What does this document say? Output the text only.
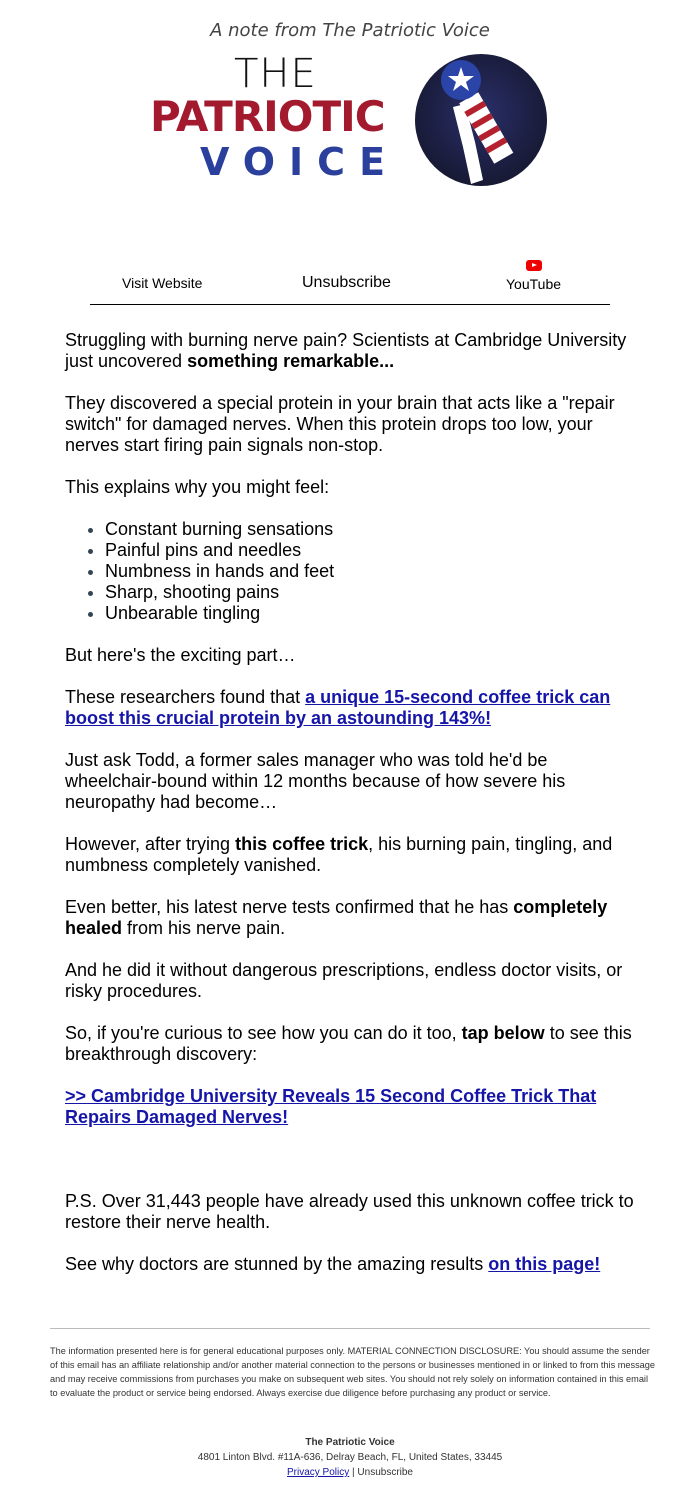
A note from The Patriotic Voice
THE
PATRIOTIC
VOICE
Visit Website	Unsubscribe	YouTube

Struggling with burning nerve pain? Scientists at Cambridge University just uncovered something remarkable...

They discovered a special protein in your brain that acts like a "repair switch" for damaged nerves. When this protein drops too low, your nerves start firing pain signals non-stop.

This explains why you might feel:

• Constant burning sensations
• Painful pins and needles
• Numbness in hands and feet
• Sharp, shooting pains
• Unbearable tingling

But here's the exciting part…

These researchers found that a unique 15-second coffee trick can boost this crucial protein by an astounding 143%!

Just ask Todd, a former sales manager who was told he'd be wheelchair-bound within 12 months because of how severe his neuropathy had become…

However, after trying this coffee trick, his burning pain, tingling, and numbness completely vanished.

Even better, his latest nerve tests confirmed that he has completely healed from his nerve pain.

And he did it without dangerous prescriptions, endless doctor visits, or risky procedures.

So, if you're curious to see how you can do it too, tap below to see this breakthrough discovery:

>> Cambridge University Reveals 15 Second Coffee Trick That Repairs Damaged Nerves!

P.S. Over 31,443 people have already used this unknown coffee trick to restore their nerve health.

See why doctors are stunned by the amazing results on this page!

The information presented here is for general educational purposes only. MATERIAL CONNECTION DISCLOSURE: You should assume the sender of this email has an affiliate relationship and/or another material connection to the persons or businesses mentioned in or linked to from this message and may receive commissions from purchases you make on subsequent web sites. You should not rely solely on information contained in this email to evaluate the product or service being endorsed. Always exercise due diligence before purchasing any product or service.
The Patriotic Voice
4801 Linton Blvd. #11A-636, Delray Beach, FL, United States, 33445
Privacy Policy | Unsubscribe
